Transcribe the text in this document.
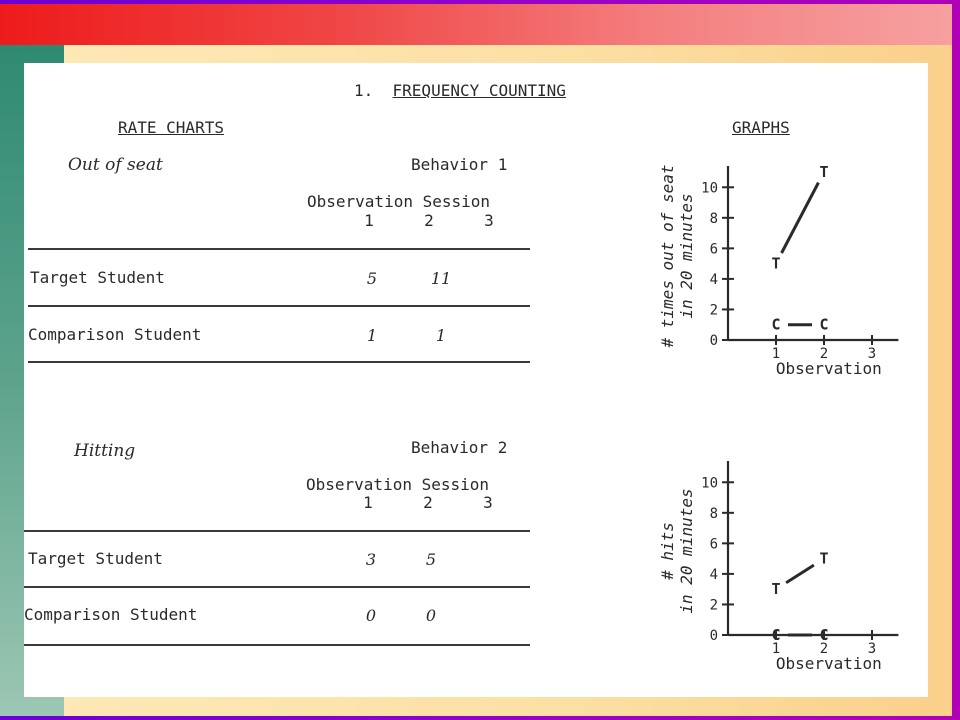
1.  FREQUENCY COUNTING
RATE CHARTS	GRAPHS
Out of seat	Behavior 1
Observation Session
1	2	3
Target Student	5	11
Comparison Student	1	1
Hitting	Behavior 2
Observation Session
1	2	3
Target Student	3	5
Comparison Student	0	0
0
2
4
6
8
10
1	2	3
Observation
# times out of seatin 20 minutes	T
T
C	C
0
2
4
6
8
10
1	2	3
Observation
# hitsin 20 minutes	T
T
C	C
